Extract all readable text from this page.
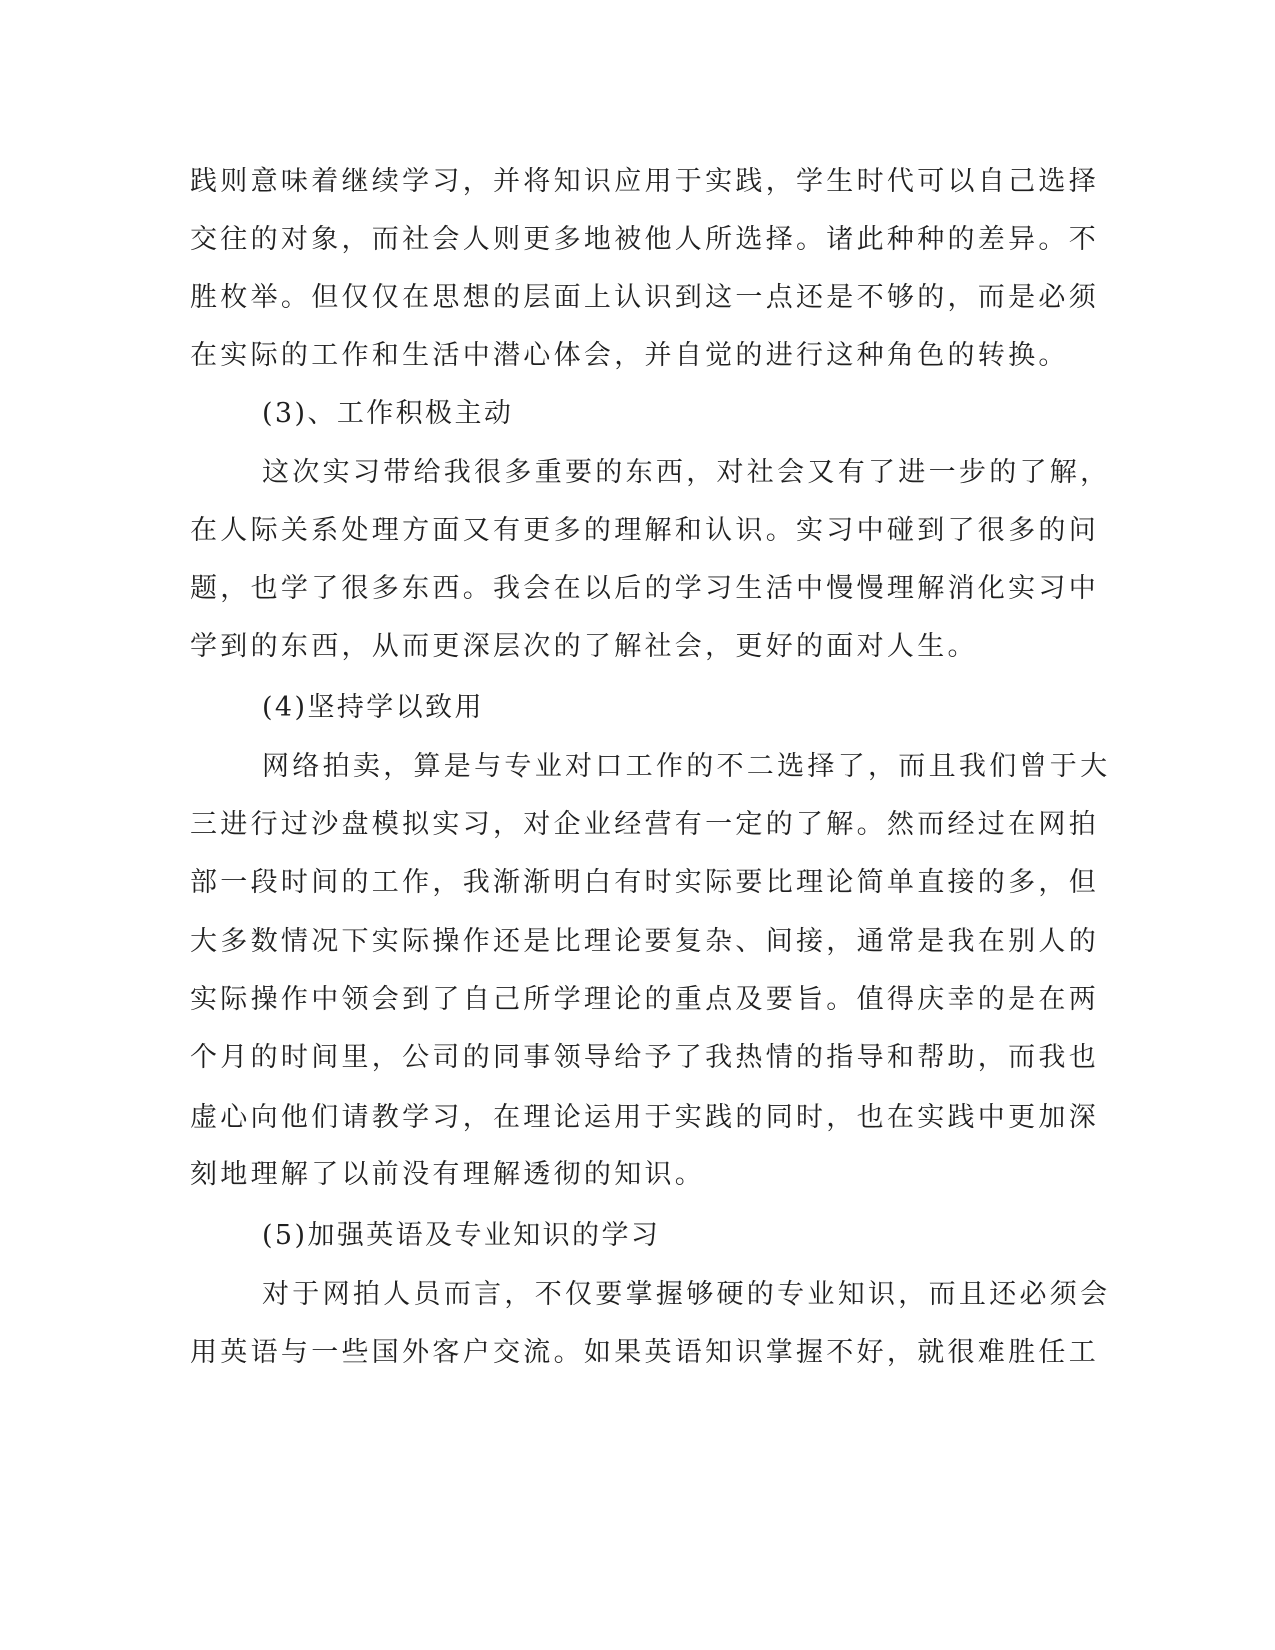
践则意味着继续学习，并将知识应用于实践，学生时代可以自己选择
交往的对象，而社会人则更多地被他人所选择。诸此种种的差异。不
胜枚举。但仅仅在思想的层面上认识到这一点还是不够的，而是必须
在实际的工作和生活中潜心体会，并自觉的进行这种角色的转换。
(3)、工作积极主动
这次实习带给我很多重要的东西，对社会又有了进一步的了解，
在人际关系处理方面又有更多的理解和认识。实习中碰到了很多的问
题，也学了很多东西。我会在以后的学习生活中慢慢理解消化实习中
学到的东西，从而更深层次的了解社会，更好的面对人生。
(4)坚持学以致用
网络拍卖，算是与专业对口工作的不二选择了，而且我们曾于大
三进行过沙盘模拟实习，对企业经营有一定的了解。然而经过在网拍
部一段时间的工作，我渐渐明白有时实际要比理论简单直接的多，但
大多数情况下实际操作还是比理论要复杂、间接，通常是我在别人的
实际操作中领会到了自己所学理论的重点及要旨。值得庆幸的是在两
个月的时间里，公司的同事领导给予了我热情的指导和帮助，而我也
虚心向他们请教学习，在理论运用于实践的同时，也在实践中更加深
刻地理解了以前没有理解透彻的知识。
(5)加强英语及专业知识的学习
对于网拍人员而言，不仅要掌握够硬的专业知识，而且还必须会
用英语与一些国外客户交流。如果英语知识掌握不好，就很难胜任工
